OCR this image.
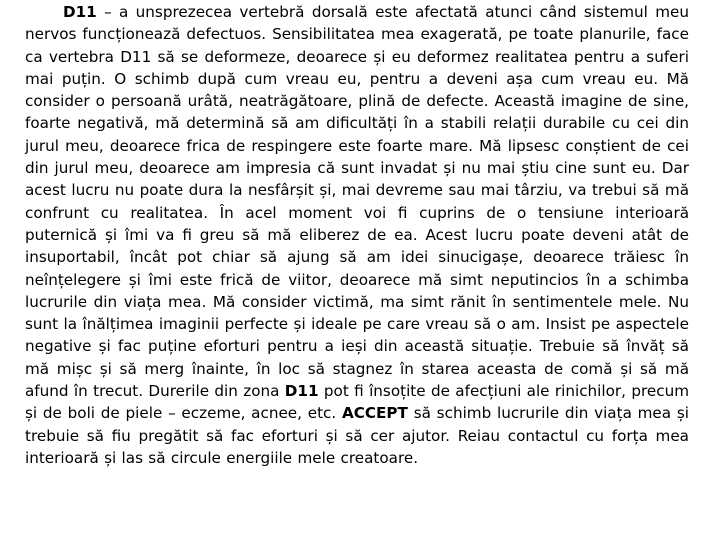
D11 – a unsprezecea vertebră dorsală este afectată atunci când sistemul meu nervos funcționează defectuos. Sensibilitatea mea exagerată, pe toate planurile, face ca vertebra D11 să se deformeze, deoarece și eu deformez realitatea pentru a suferi mai puțin. O schimb după cum vreau eu, pentru a deveni așa cum vreau eu. Mă consider o persoană urâtă, neatrăgătoare, plină de defecte. Această imagine de sine, foarte negativă, mă determină să am dificultăți în a stabili relații durabile cu cei din jurul meu, deoarece frica de respingere este foarte mare. Mă lipsesc conștient de cei din jurul meu, deoarece am impresia că sunt invadat și nu mai știu cine sunt eu. Dar acest lucru nu poate dura la nesfârșit și, mai devreme sau mai târziu, va trebui să mă confrunt cu realitatea. În acel moment voi fi cuprins de o tensiune interioară puternică și îmi va fi greu să mă eliberez de ea. Acest lucru poate deveni atât de insuportabil, încât pot chiar să ajung să am idei sinucigașe, deoarece trăiesc în neînțelegere și îmi este frică de viitor, deoarece mă simt neputincios în a schimba lucrurile din viața mea. Mă consider victimă, ma simt rănit în sentimentele mele. Nu sunt la înălțimea imaginii perfecte și ideale pe care vreau să o am. Insist pe aspectele negative și fac puține eforturi pentru a ieși din această situație. Trebuie să învăț să mă mișc și să merg înainte, în loc să stagnez în starea aceasta de comă și să mă afund în trecut. Durerile din zona D11 pot fi însoțite de afecțiuni ale rinichilor, precum și de boli de piele – eczeme, acnee, etc. ACCEPT să schimb lucrurile din viața mea și trebuie să fiu pregătit să fac eforturi și să cer ajutor. Reiau contactul cu forța mea interioară și las să circule energiile mele creatoare.
